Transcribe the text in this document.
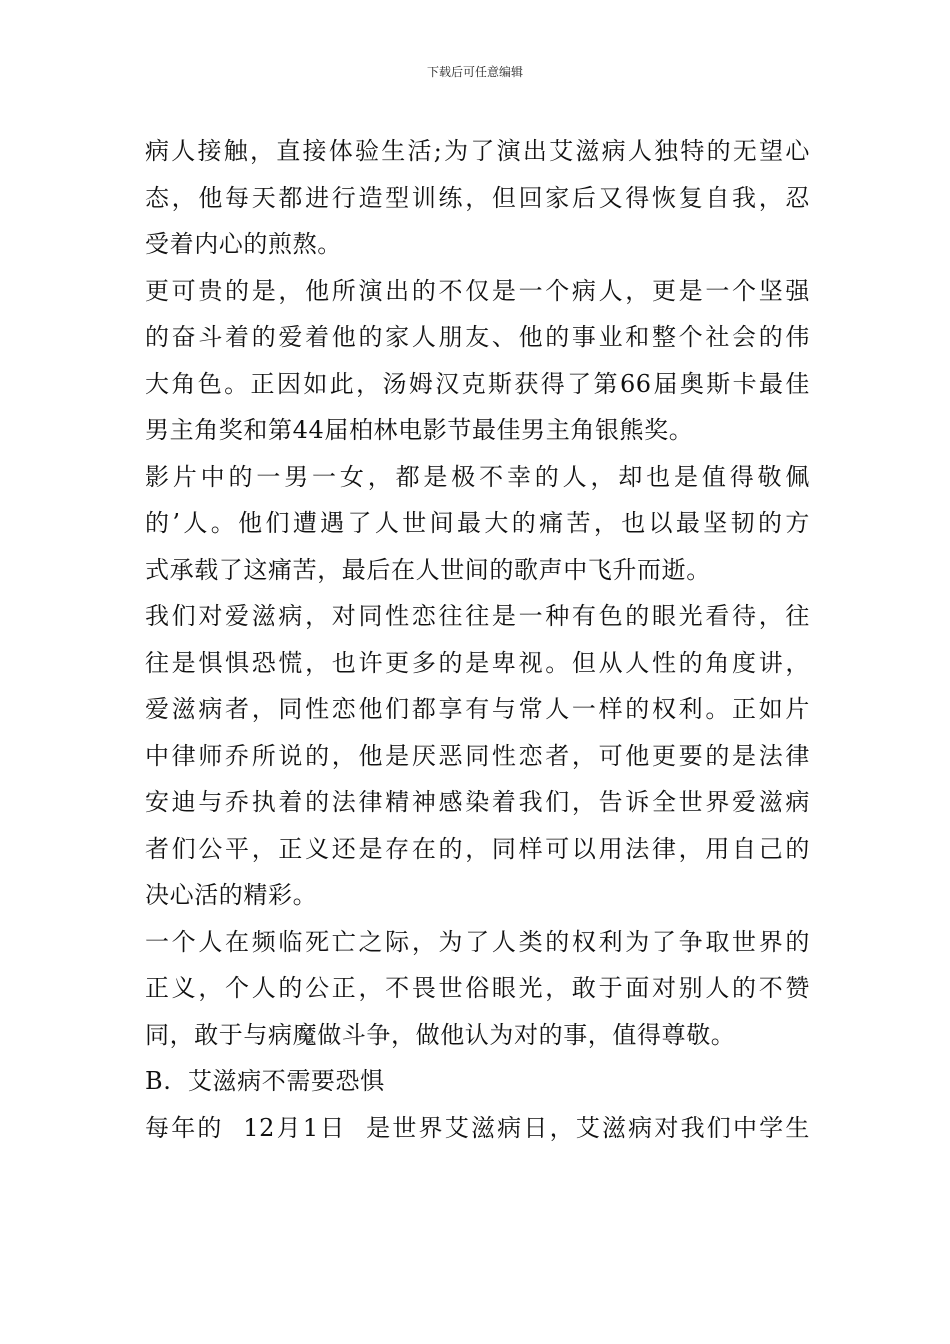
下载后可任意编辑
病人接触，直接体验生活;为了演出艾滋病人独特的无望心
态，他每天都进行造型训练，但回家后又得恢复自我，忍
受着内心的煎熬。
更可贵的是，他所演出的不仅是一个病人，更是一个坚强
的奋斗着的爱着他的家人朋友、他的事业和整个社会的伟
大角色。正因如此，汤姆汉克斯获得了第66届奥斯卡最佳
男主角奖和第44届柏林电影节最佳男主角银熊奖。
影片中的一男一女，都是极不幸的人，却也是值得敬佩
的’人。他们遭遇了人世间最大的痛苦，也以最坚韧的方
式承载了这痛苦，最后在人世间的歌声中飞升而逝。
我们对爱滋病，对同性恋往往是一种有色的眼光看待，往
往是惧惧恐慌，也许更多的是卑视。但从人性的角度讲，
爱滋病者，同性恋他们都享有与常人一样的权利。正如片
中律师乔所说的，他是厌恶同性恋者，可他更要的是法律
安迪与乔执着的法律精神感染着我们，告诉全世界爱滋病
者们公平，正义还是存在的，同样可以用法律，用自己的
决心活的精彩。
一个人在频临死亡之际，为了人类的权利为了争取世界的
正义，个人的公正，不畏世俗眼光，敢于面对别人的不赞
同，敢于与病魔做斗争，做他认为对的事，值得尊敬。
B.  艾滋病不需要恐惧
每年的  12月1日  是世界艾滋病日，艾滋病对我们中学生
